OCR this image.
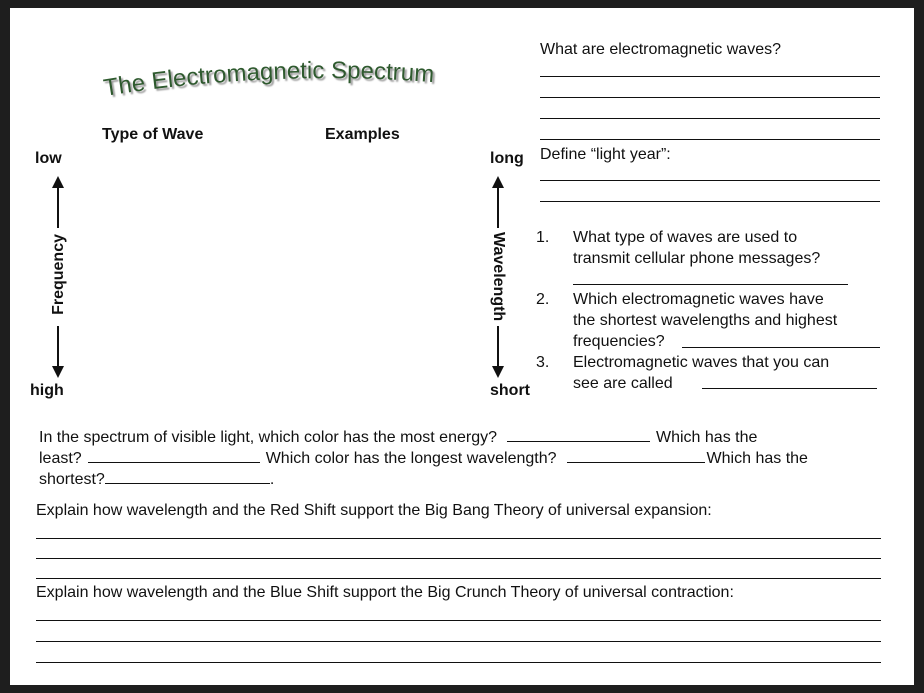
The Electromagnetic Spectrum
Type of Wave	Examples
low
Frequency
high
long
Wavelength
short
What are electromagnetic waves?
Define “light year”:
1. What type of waves are used to
transmit cellular phone messages?
2. Which electromagnetic waves have
the shortest wavelengths and highest
frequencies?
3. Electromagnetic waves that you can
see are called
In the spectrum of visible light, which color has the most energy?	Which has the
least?	Which color has the longest wavelength?	Which has the
shortest?	.
Explain how wavelength and the Red Shift support the Big Bang Theory of universal expansion:
Explain how wavelength and the Blue Shift support the Big Crunch Theory of universal contraction:
